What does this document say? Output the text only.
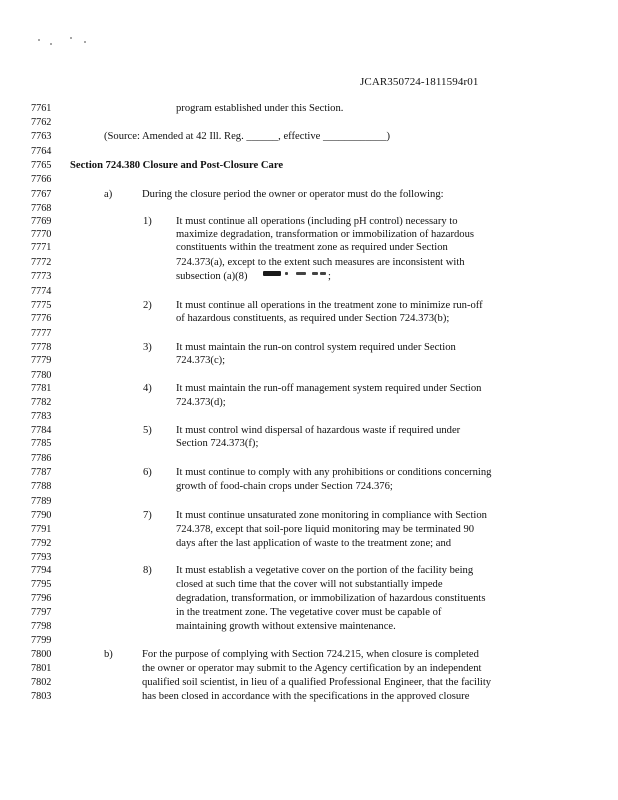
JCAR350724-1811594r01
7761
7762
7763
7764
7765
7766
7767
7768
7769
7770
7771
7772
7773
7774
7775
7776
7777
7778
7779
7780
7781
7782
7783
7784
7785
7786
7787
7788
7789
7790
7791
7792
7793
7794
7795
7796
7797
7798
7799
7800
7801
7802
7803
program established under this Section.
(Source: Amended at 42 Ill. Reg. ______, effective ____________)
Section 724.380 Closure and Post-Closure Care
a)	During the closure period the owner or operator must do the following:
1) It must continue all operations (including pH control) necessary to
maximize degradation, transformation or immobilization of hazardous
constituents within the treatment zone as required under Section
724.373(a), except to the extent such measures are inconsistent with
subsection (a)(8)	;
2) It must continue all operations in the treatment zone to minimize run-off
of hazardous constituents, as required under Section 724.373(b);
3) It must maintain the run-on control system required under Section
724.373(c);
4) It must maintain the run-off management system required under Section
724.373(d);
5) It must control wind dispersal of hazardous waste if required under
Section 724.373(f);
6) It must continue to comply with any prohibitions or conditions concerning
growth of food-chain crops under Section 724.376;
7) It must continue unsaturated zone monitoring in compliance with Section
724.378, except that soil-pore liquid monitoring may be terminated 90
days after the last application of waste to the treatment zone; and
8) It must establish a vegetative cover on the portion of the facility being
closed at such time that the cover will not substantially impede
degradation, transformation, or immobilization of hazardous constituents
in the treatment zone. The vegetative cover must be capable of
maintaining growth without extensive maintenance.
b)	For the purpose of complying with Section 724.215, when closure is completed
the owner or operator may submit to the Agency certification by an independent
qualified soil scientist, in lieu of a qualified Professional Engineer, that the facility
has been closed in accordance with the specifications in the approved closure
